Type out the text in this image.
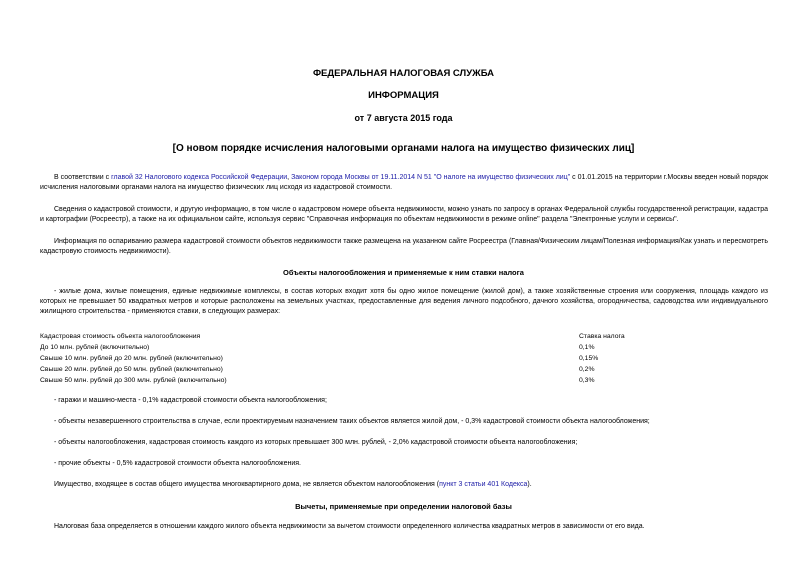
ФЕДЕРАЛЬНАЯ НАЛОГОВАЯ СЛУЖБА
ИНФОРМАЦИЯ
от 7 августа 2015 года
[О новом порядке исчисления налоговыми органами налога на имущество физических лиц]
В соответствии с главой 32 Налогового кодекса Российской Федерации, Законом города Москвы от 19.11.2014 N 51 "О налоге на имущество физических лиц" с 01.01.2015 на территории г.Москвы введен новый порядок исчисления налоговыми органами налога на имущество физических лиц исходя из кадастровой стоимости.
Сведения о кадастровой стоимости, и другую информацию, в том числе о кадастровом номере объекта недвижимости, можно узнать по запросу в органах Федеральной службы государственной регистрации, кадастра и картографии (Росреестр), а также на их официальном сайте, используя сервис "Справочная информация по объектам недвижимости в режиме online" раздела "Электронные услуги и сервисы".
Информация по оспариванию размера кадастровой стоимости объектов недвижимости также размещена на указанном сайте Росреестра (Главная/Физическим лицам/Полезная информация/Как узнать и пересмотреть кадастровую стоимость недвижимости).
Объекты налогообложения и применяемые к ним ставки налога
- жилые дома, жилые помещения, единые недвижимые комплексы, в состав которых входит хотя бы одно жилое помещение (жилой дом), а также хозяйственные строения или сооружения, площадь каждого из которых не превышает 50 квадратных метров и которые расположены на земельных участках, предоставленные для ведения личного подсобного, дачного хозяйства, огородничества, садоводства или индивидуального жилищного строительства - применяются ставки, в следующих размерах:
Кадастровая стоимость объекта налогообложения	Ставка налога
До 10 млн. рублей (включительно)	0,1%
Свыше 10 млн. рублей до 20 млн. рублей (включительно)	0,15%
Свыше 20 млн. рублей до 50 млн. рублей (включительно)	0,2%
Свыше 50 млн. рублей до 300 млн. рублей (включительно)	0,3%
- гаражи и машино-места - 0,1% кадастровой стоимости объекта налогообложения;
- объекты незавершенного строительства в случае, если проектируемым назначением таких объектов является жилой дом, - 0,3% кадастровой стоимости объекта налогообложения;
- объекты налогообложения, кадастровая стоимость каждого из которых превышает 300 млн. рублей, - 2,0% кадастровой стоимости объекта налогообложения;
- прочие объекты - 0,5% кадастровой стоимости объекта налогообложения.
Имущество, входящее в состав общего имущества многоквартирного дома, не является объектом налогообложения (пункт 3 статьи 401 Кодекса).
Вычеты, применяемые при определении налоговой базы
Налоговая база определяется в отношении каждого жилого объекта недвижимости за вычетом стоимости определенного количества квадратных метров в зависимости от его вида.
